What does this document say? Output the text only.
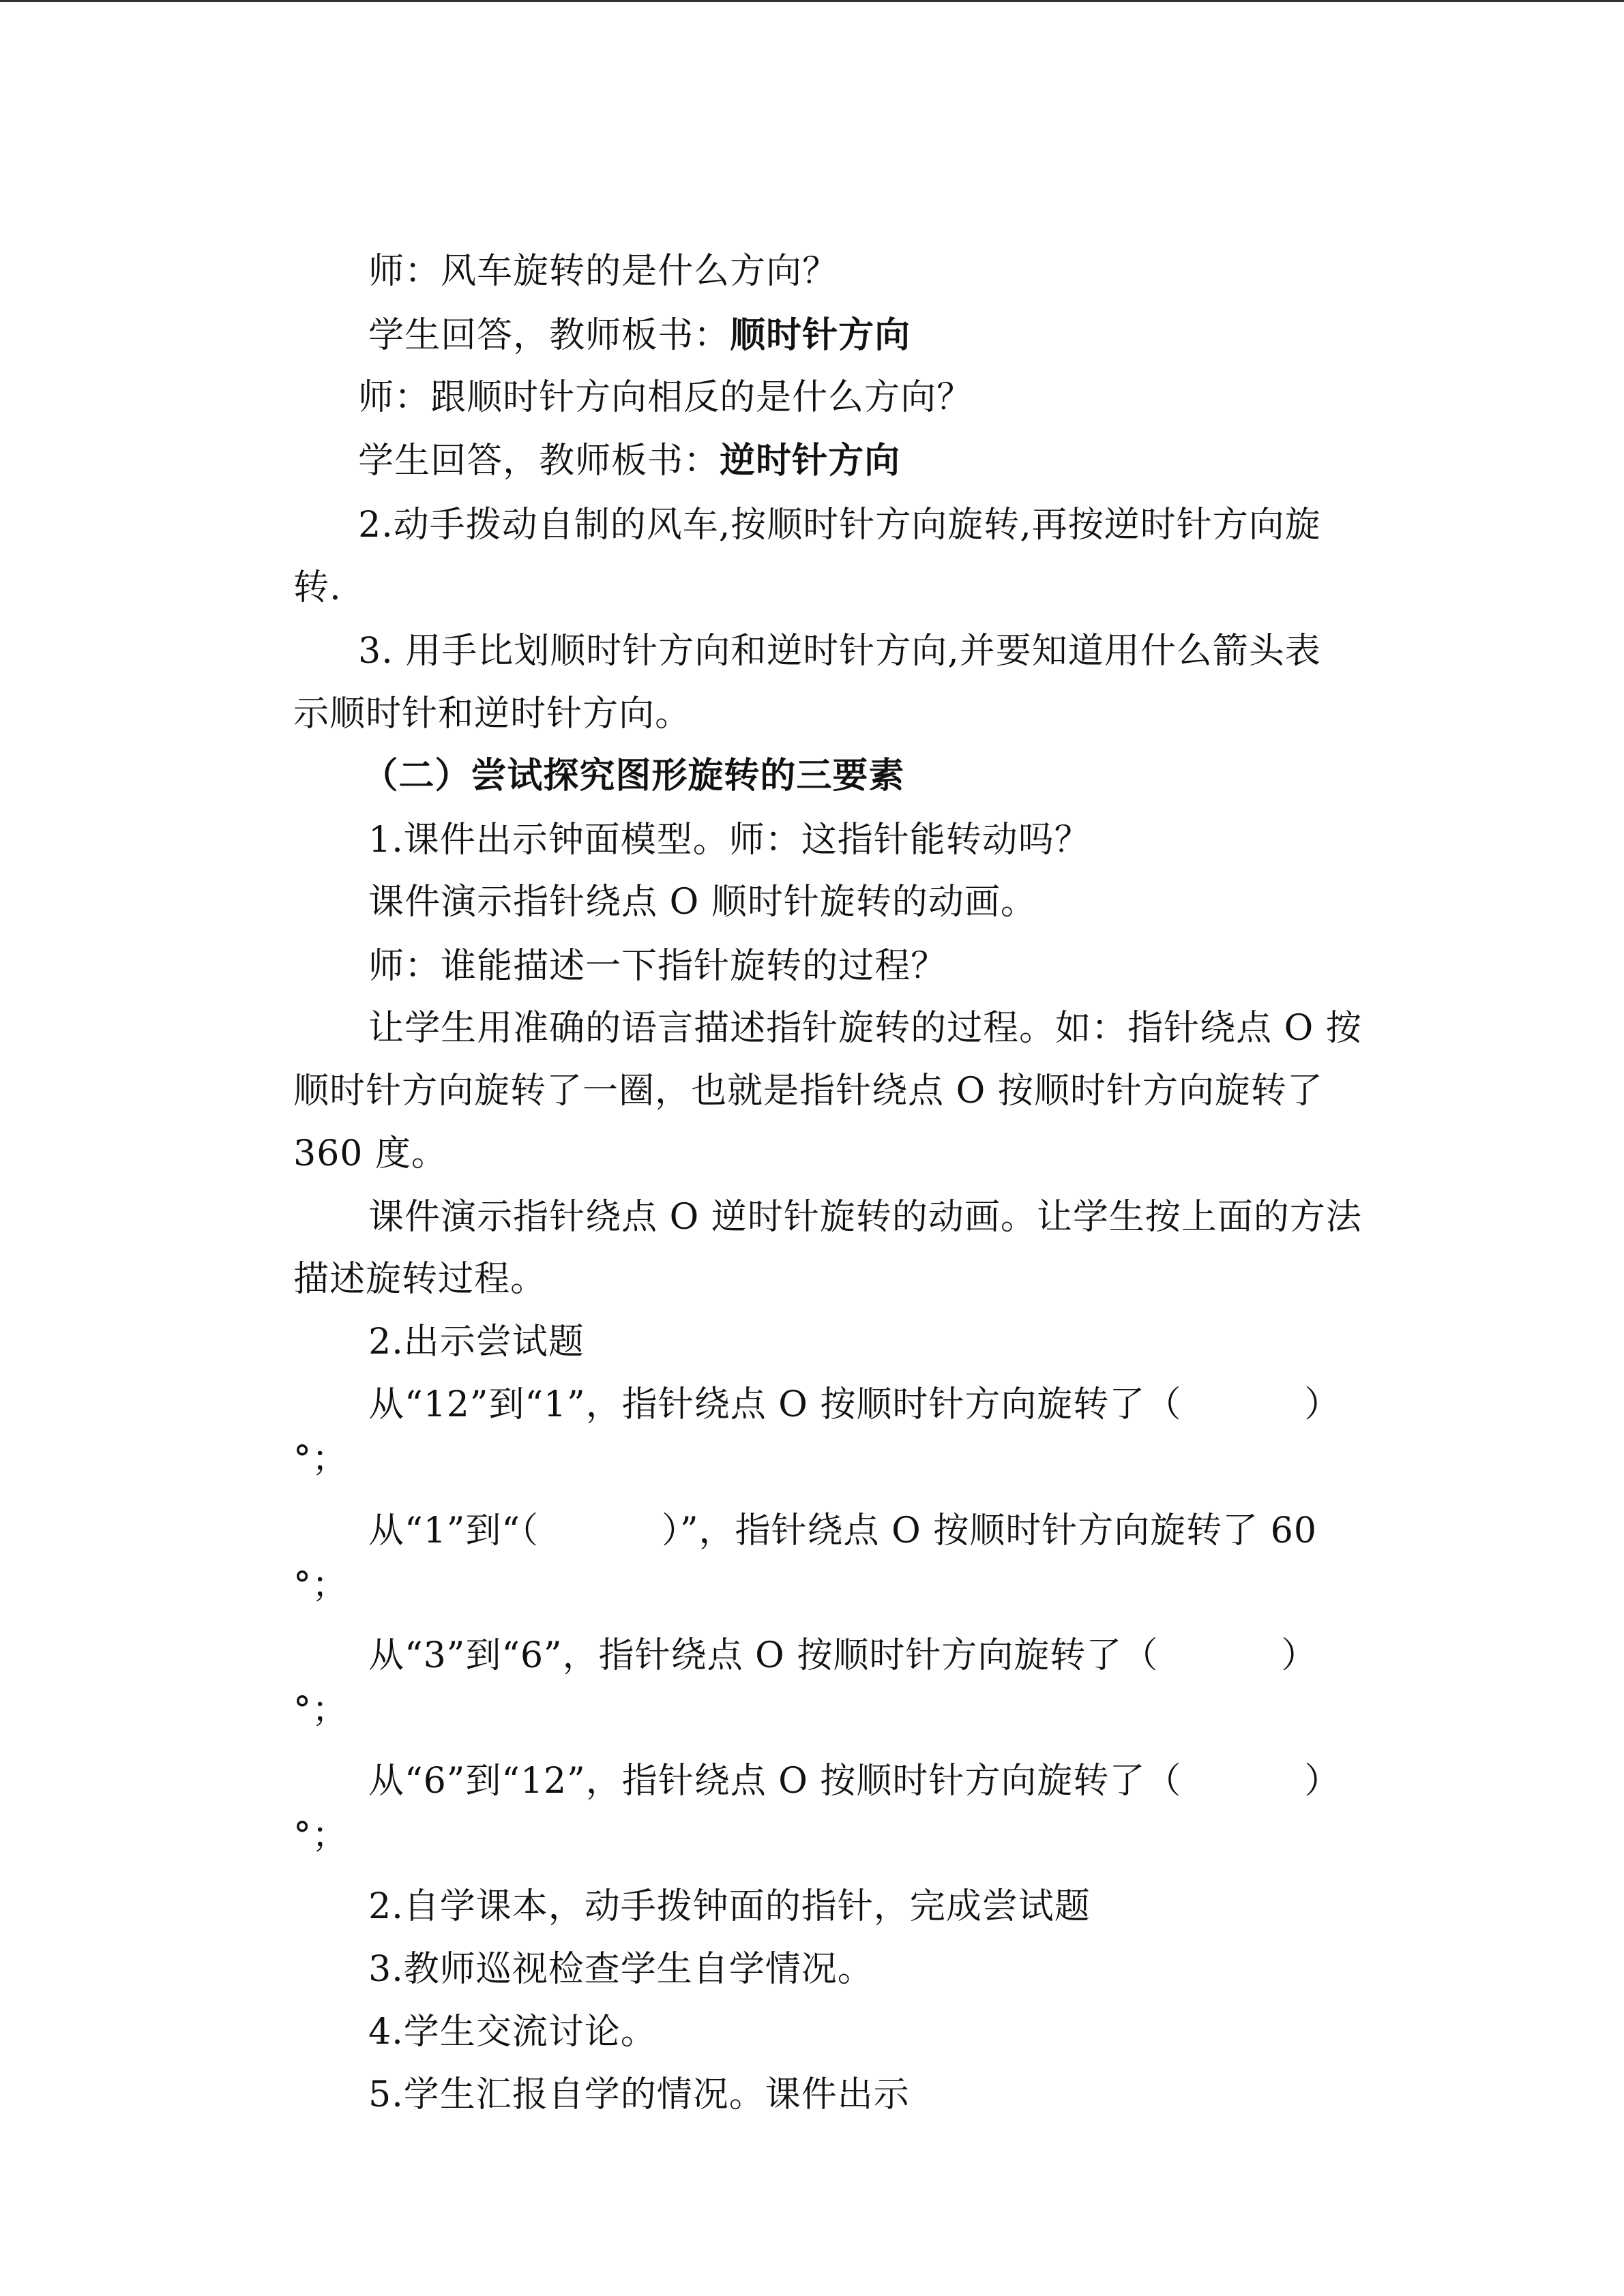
师：风车旋转的是什么方向？

学生回答，教师板书：顺时针方向

师：跟顺时针方向相反的是什么方向？

学生回答，教师板书：逆时针方向

2.动手拨动自制的风车,按顺时针方向旋转,再按逆时针方向旋

转.

3. 用手比划顺时针方向和逆时针方向,并要知道用什么箭头表

示顺时针和逆时针方向。

（二）尝试探究图形旋转的三要素

1.课件出示钟面模型。师：这指针能转动吗？

课件演示指针绕点 O 顺时针旋转的动画。

师：谁能描述一下指针旋转的过程？

让学生用准确的语言描述指针旋转的过程。如：指针绕点 O 按

顺时针方向旋转了一圈，也就是指针绕点 O 按顺时针方向旋转了

360 度。

课件演示指针绕点 O 逆时针旋转的动画。让学生按上面的方法

描述旋转过程。

2.出示尝试题

从“12”到“1”，指针绕点 O 按顺时针方向旋转了（	）

°；

从“1”到“（	）”，指针绕点 O 按顺时针方向旋转了 60

°；

从“3”到“6”，指针绕点 O 按顺时针方向旋转了（	）

°；

从“6”到“12”，指针绕点 O 按顺时针方向旋转了（	）

°；

2.自学课本，动手拨钟面的指针，完成尝试题

3.教师巡视检查学生自学情况。

4.学生交流讨论。

5.学生汇报自学的情况。课件出示
